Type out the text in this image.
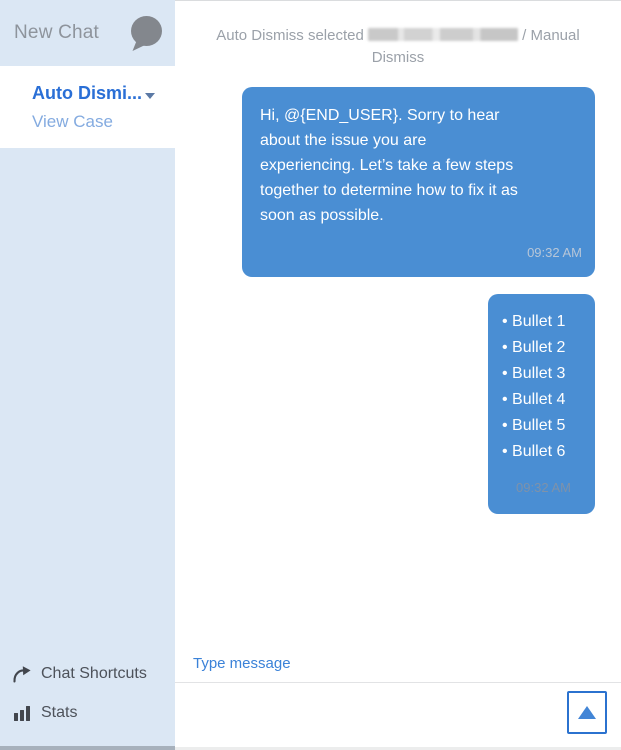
New Chat
Auto Dismi...
View Case
Chat Shortcuts
Stats
Auto Dismiss selected	/ Manual Dismiss
Hi, @{END_USER}. Sorry to hear
about the issue you are
experiencing. Let’s take a few steps
together to determine how to fix it as
soon as possible.
09:32 AM
• Bullet 1
• Bullet 2
• Bullet 3
• Bullet 4
• Bullet 5
• Bullet 6
09:32 AM
Type message
